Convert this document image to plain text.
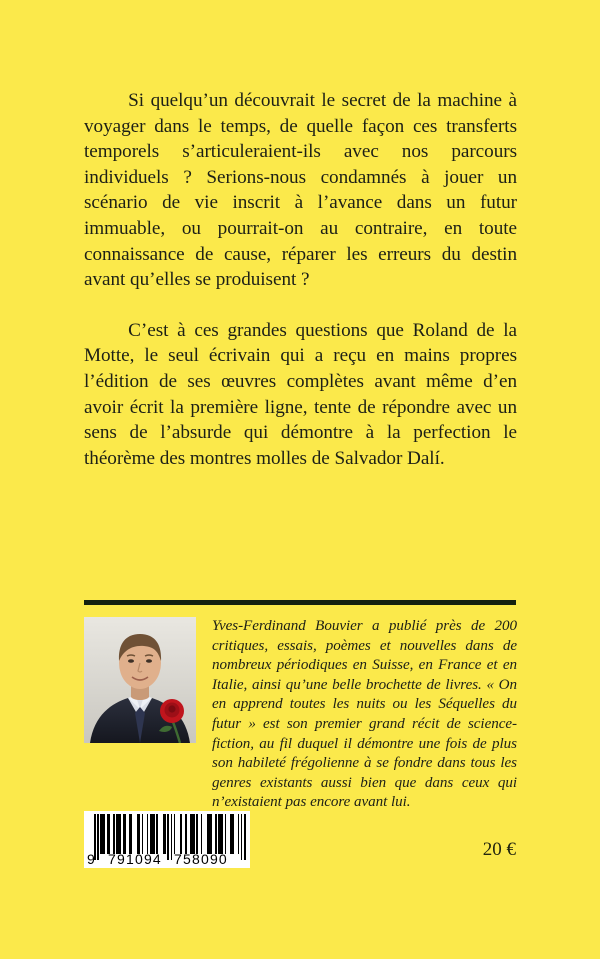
Si quelqu’un découvrait le secret de la machine à voyager dans le temps, de quelle façon ces transferts temporels s’articuleraient-ils avec nos parcours individuels ? Serions-nous condamnés à jouer un scénario de vie inscrit à l’avance dans un futur immuable, ou pourrait-on au contraire, en toute connaissance de cause, réparer les erreurs du destin avant qu’elles se produisent ?

C’est à ces grandes questions que Roland de la Motte, le seul écrivain qui a reçu en mains propres l’édition de ses œuvres complètes avant même d’en avoir écrit la première ligne, tente de répondre avec un sens de l’absurde qui démontre à la perfection le théorème des montres molles de Salvador Dalí.

Yves-Ferdinand Bouvier a publié près de 200 critiques, essais, poèmes et nouvelles dans de nombreux périodiques en Suisse, en France et en Italie, ainsi qu’une belle brochette de livres. « On en apprend toutes les nuits ou les Séquelles du futur » est son premier grand récit de science-fiction, au fil duquel il démontre une fois de plus son habileté frégolienne à se fondre dans tous les genres existants aussi bien que dans ceux qui n’existaient pas encore avant lui.

9 791094 758090	20 €
